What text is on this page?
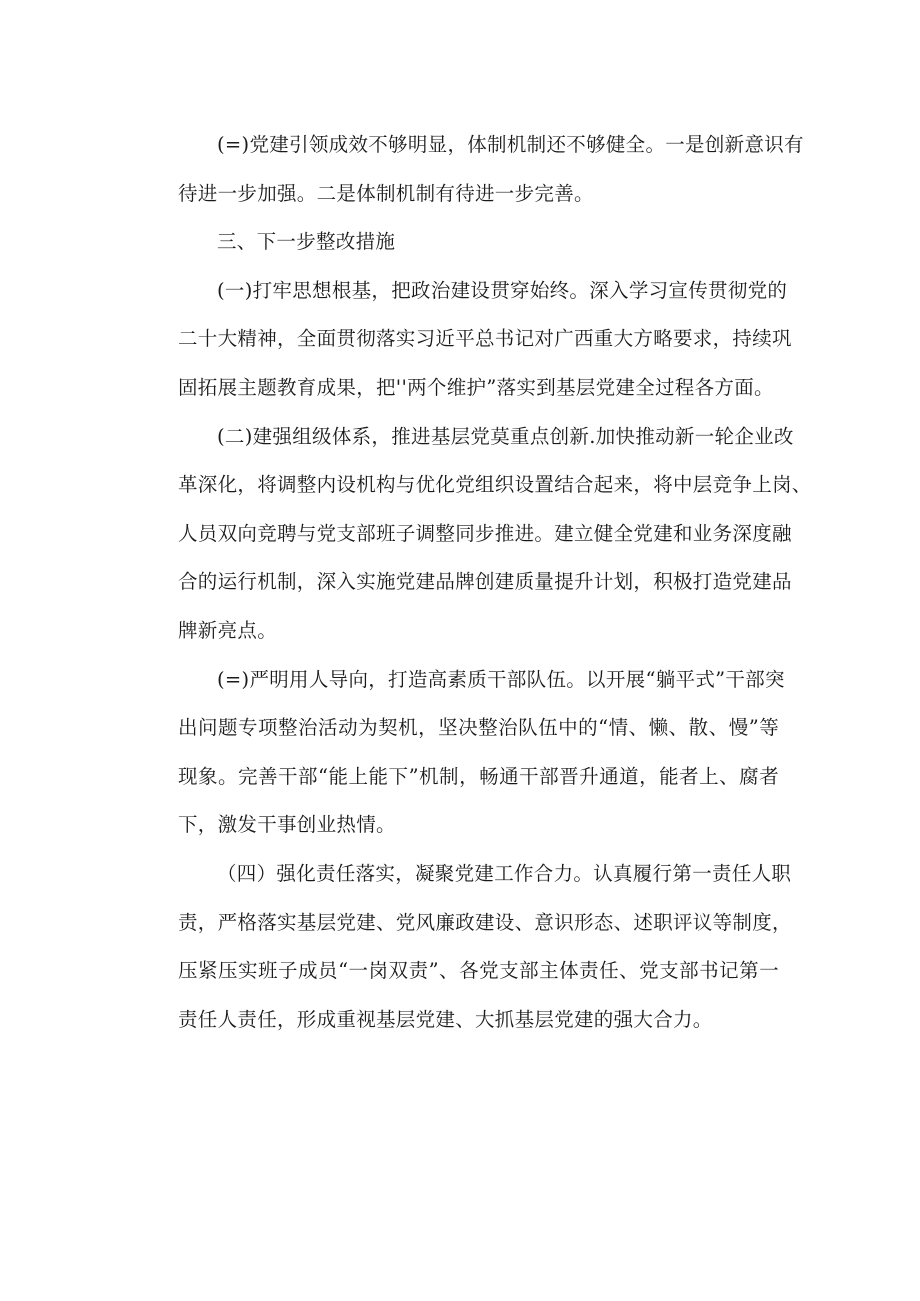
(=)党建引领成效不够明显，体制机制还不够健全。一是创新意识有
待进一步加强。二是体制机制有待进一步完善。

三、下一步整改措施

(一)打牢思想根基，把政治建设贯穿始终。深入学习宣传贯彻党的
二十大精神，全面贯彻落实习近平总书记对广西重大方略要求，持续巩
固拓展主题教育成果，把''两个维护”落实到基层党建全过程各方面。

(二)建强组级体系，推进基层党莫重点创新.加快推动新一轮企业改
革深化，将调整内设机构与优化党组织设置结合起来，将中层竞争上岗、
人员双向竞聘与党支部班子调整同步推进。建立健全党建和业务深度融
合的运行机制，深入实施党建品牌创建质量提升计划，积极打造党建品
牌新亮点。

(=)严明用人导向，打造高素质干部队伍。以开展“躺平式”干部突
出问题专项整治活动为契机，坚决整治队伍中的“情、懒、散、慢”等
现象。完善干部“能上能下”机制，畅通干部晋升通道，能者上、腐者
下，激发干事创业热情。

（四）强化责任落实，凝聚党建工作合力。认真履行第一责任人职
责，严格落实基层党建、党风廉政建设、意识形态、述职评议等制度，
压紧压实班子成员“一岗双责”、各党支部主体责任、党支部书记第一
责任人责任，形成重视基层党建、大抓基层党建的强大合力。
